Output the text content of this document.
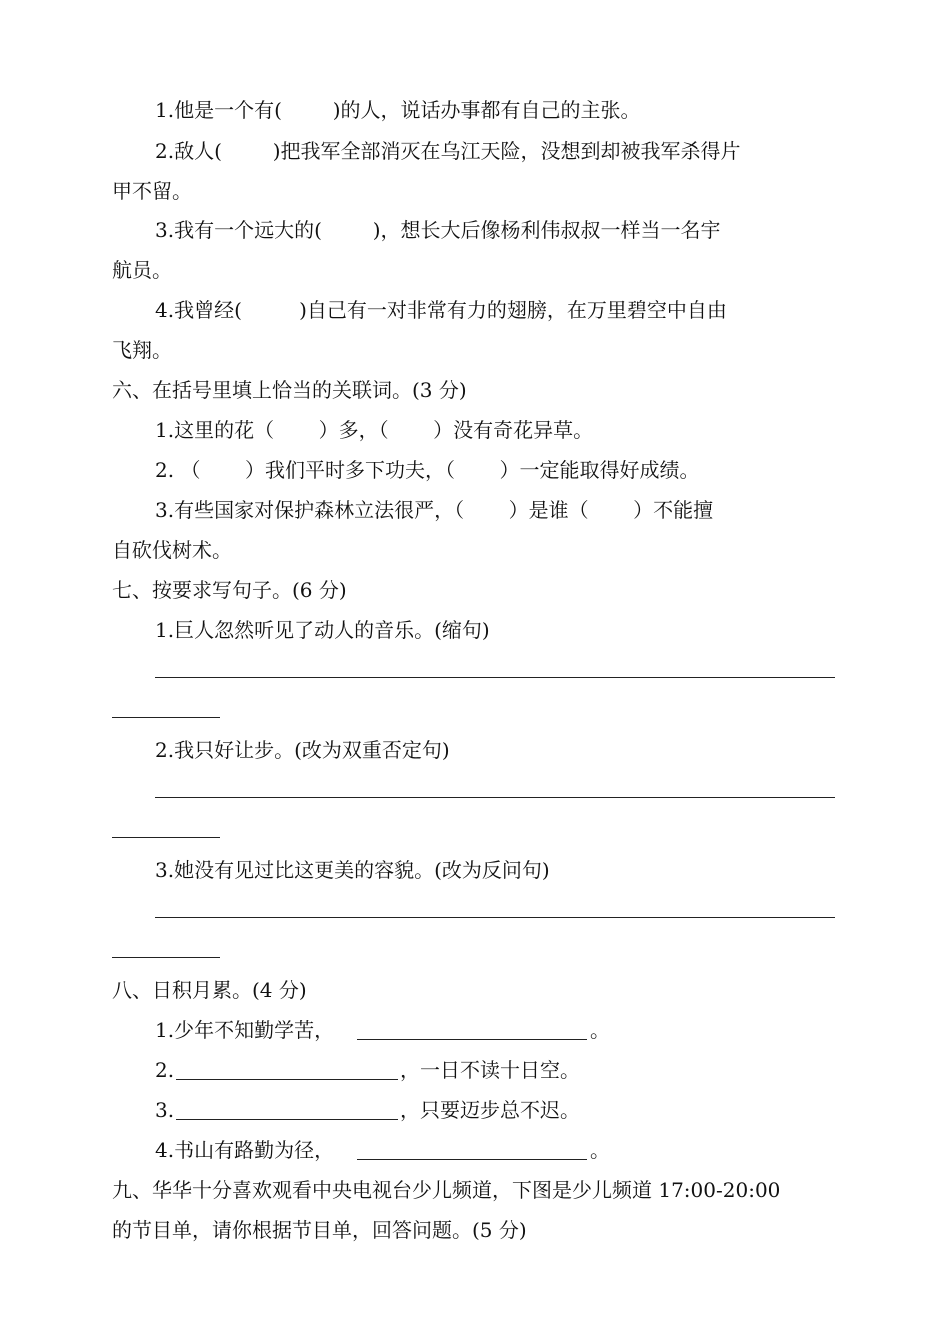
1.他是一个有(        )的人，说话办事都有自己的主张。
2.敌人(        )把我军全部消灭在乌江天险，没想到却被我军杀得片
甲不留。
3.我有一个远大的(        )，想长大后像杨利伟叔叔一样当一名宇
航员。
4.我曾经(         )自己有一对非常有力的翅膀，在万里碧空中自由
飞翔。
六、在括号里填上恰当的关联词。(3 分)
1.这里的花（       ）多，（       ）没有奇花异草。
2. （       ）我们平时多下功夫，（       ）一定能取得好成绩。
3.有些国家对保护森林立法很严，（       ）是谁（       ）不能擅
自砍伐树术。
七、按要求写句子。(6 分)
1.巨人忽然听见了动人的音乐。(缩句)
2.我只好让步。(改为双重否定句)
3.她没有见过比这更美的容貌。(改为反问句)
八、日积月累。(4 分)
1.少年不知勤学苦，	。
2.	，一日不读十日空。
3.	，只要迈步总不迟。
4.书山有路勤为径，	。
九、华华十分喜欢观看中央电视台少儿频道，下图是少儿频道 17:00-20:00
的节目单，请你根据节目单，回答问题。(5 分)
